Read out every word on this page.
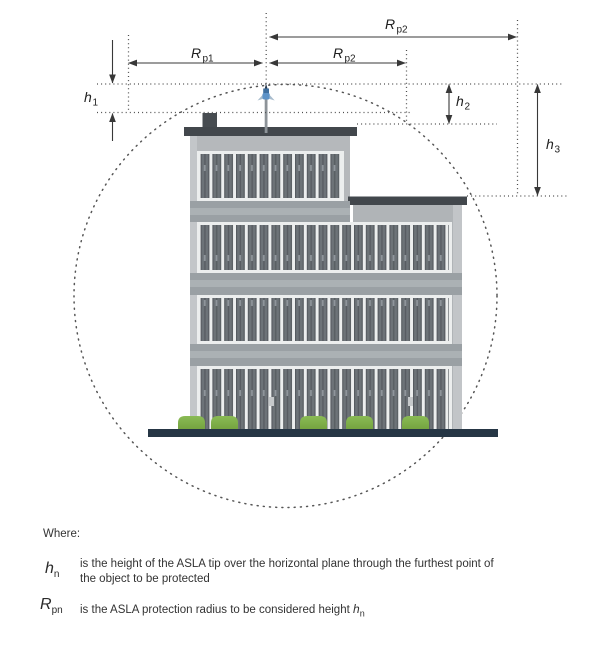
R p2
R p2
R p1
h 1	h 2
h 3
Where:
$h_n$
is the height of the ASLA tip over the horizontal plane through the furthest point of the object to be protected
$R_{pn}$ is the ASLA protection radius to be considered height $h_n$
